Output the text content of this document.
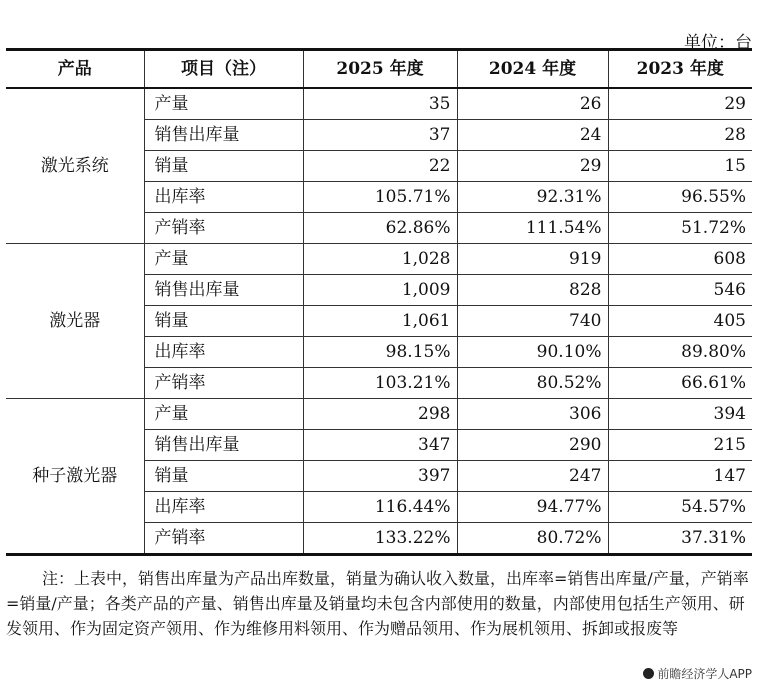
单位：台
产品	项目（注）	2025 年度	2024 年度	2023 年度
激光系统	产量	35	26	29
	销售出库量	37	24	28
	销量	22	29	15
	出库率	105.71%	92.31%	96.55%
	产销率	62.86%	111.54%	51.72%
激光器	产量	1,028	919	608
	销售出库量	1,009	828	546
	销量	1,061	740	405
	出库率	98.15%	90.10%	89.80%
	产销率	103.21%	80.52%	66.61%
种子激光器	产量	298	306	394
	销售出库量	347	290	215
	销量	397	247	147
	出库率	116.44%	94.77%	54.57%
	产销率	133.22%	80.72%	37.31%
注：上表中，销售出库量为产品出库数量，销量为确认收入数量，出库率=销售出库量/产量，产销率=销量/产量；各类产品的产量、销售出库量及销量均未包含内部使用的数量，内部使用包括生产领用、研发领用、作为固定资产领用、作为维修用料领用、作为赠品领用、作为展机领用、拆卸或报废等
前瞻经济学人APP
